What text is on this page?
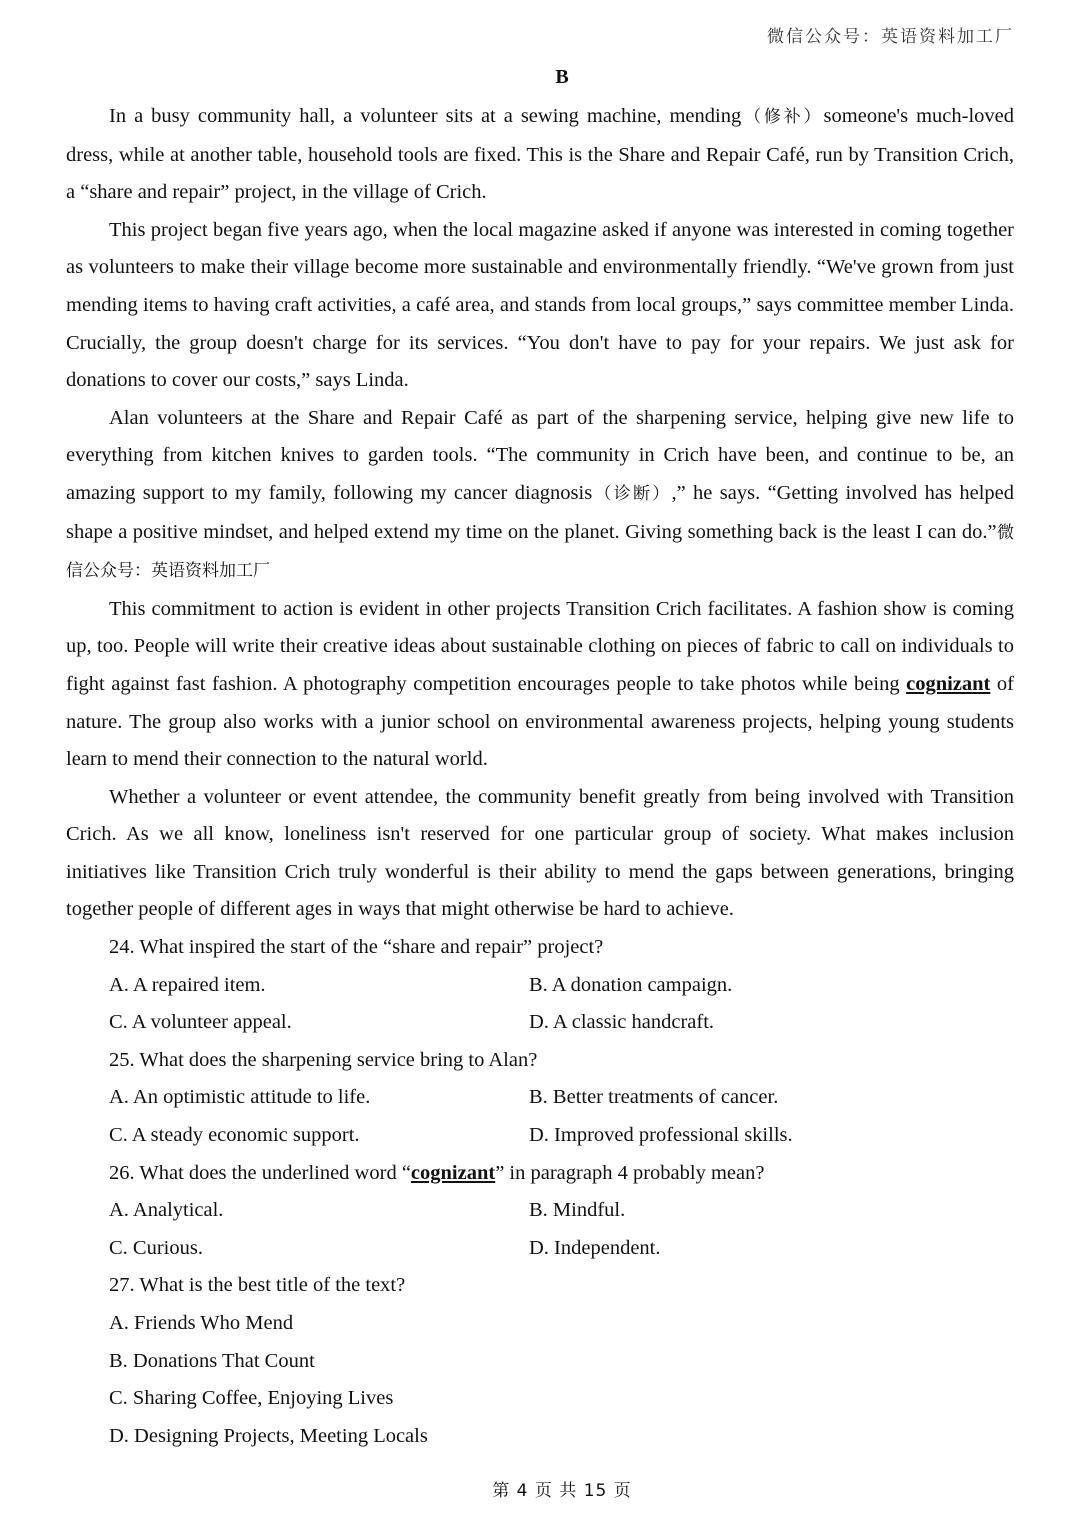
微信公众号：英语资料加工厂
B

In a busy community hall, a volunteer sits at a sewing machine, mending（修补）someone's much-loved dress, while at another table, household tools are fixed. This is the Share and Repair Café, run by Transition Crich, a “share and repair” project, in the village of Crich.

This project began five years ago, when the local magazine asked if anyone was interested in coming together as volunteers to make their village become more sustainable and environmentally friendly. “We've grown from just mending items to having craft activities, a café area, and stands from local groups,” says committee member Linda. Crucially, the group doesn't charge for its services. “You don't have to pay for your repairs. We just ask for donations to cover our costs,” says Linda.

Alan volunteers at the Share and Repair Café as part of the sharpening service, helping give new life to everything from kitchen knives to garden tools. “The community in Crich have been, and continue to be, an amazing support to my family, following my cancer diagnosis（诊断）,” he says. “Getting involved has helped shape a positive mindset, and helped extend my time on the planet. Giving something back is the least I can do.”微信公众号：英语资料加工厂

This commitment to action is evident in other projects Transition Crich facilitates. A fashion show is coming up, too. People will write their creative ideas about sustainable clothing on pieces of fabric to call on individuals to fight against fast fashion. A photography competition encourages people to take photos while being cognizant of nature. The group also works with a junior school on environmental awareness projects, helping young students learn to mend their connection to the natural world.

Whether a volunteer or event attendee, the community benefit greatly from being involved with Transition Crich. As we all know, loneliness isn't reserved for one particular group of society. What makes inclusion initiatives like Transition Crich truly wonderful is their ability to mend the gaps between generations, bringing together people of different ages in ways that might otherwise be hard to achieve.

24. What inspired the start of the “share and repair” project?

A. A repaired item.	B. A donation campaign.
C. A volunteer appeal.	D. A classic handcraft.

25. What does the sharpening service bring to Alan?

A. An optimistic attitude to life.	B. Better treatments of cancer.
C. A steady economic support.	D. Improved professional skills.

26. What does the underlined word “cognizant” in paragraph 4 probably mean?

A. Analytical.	B. Mindful.
C. Curious.	D. Independent.

27. What is the best title of the text?

A. Friends Who Mend
B. Donations That Count
C. Sharing Coffee, Enjoying Lives
D. Designing Projects, Meeting Locals
第 4 页 共 15 页
